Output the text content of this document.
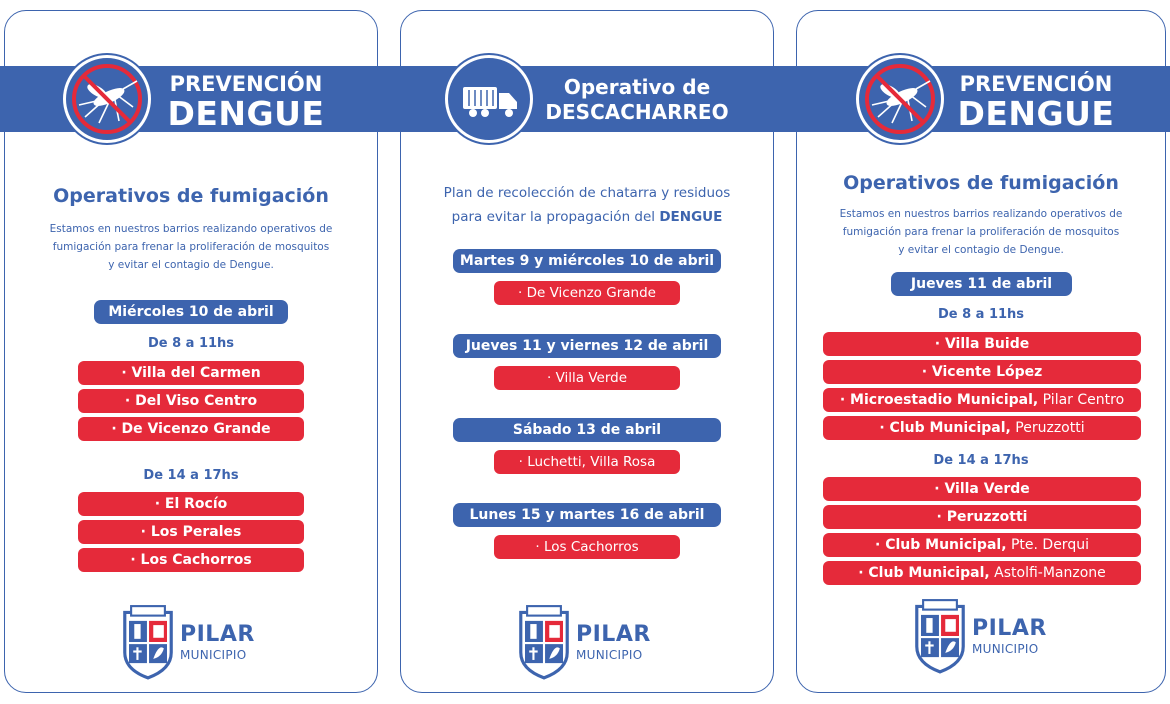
PREVENCIÓN
DENGUE
Operativos de fumigación
Estamos en nuestros barrios realizando operativos de
fumigación para frenar la proliferación de mosquitos
y evitar el contagio de Dengue.
Miércoles 10 de abril
De 8 a 11hs
· Villa del Carmen
· Del Viso Centro
· De Vicenzo Grande
De 14 a 17hs
· El Rocío
· Los Perales
· Los Cachorros
PILAR
MUNICIPIO
Operativo de
DESCACHARREO
Plan de recolección de chatarra y residuos
para evitar la propagación del DENGUE
Martes 9 y miércoles 10 de abril
· De Vicenzo Grande
Jueves 11 y viernes 12 de abril
· Villa Verde
Sábado 13 de abril
· Luchetti, Villa Rosa
Lunes 15 y martes 16 de abril
· Los Cachorros
PILAR
MUNICIPIO
PREVENCIÓN
DENGUE
Operativos de fumigación
Estamos en nuestros barrios realizando operativos de
fumigación para frenar la proliferación de mosquitos
y evitar el contagio de Dengue.
Jueves 11 de abril
De 8 a 11hs
· Villa Buide
· Vicente López
· Microestadio Municipal, Pilar Centro
· Club Municipal, Peruzzotti
De 14 a 17hs
· Villa Verde
· Peruzzotti
· Club Municipal, Pte. Derqui
· Club Municipal, Astolfi-Manzone
PILAR
MUNICIPIO
